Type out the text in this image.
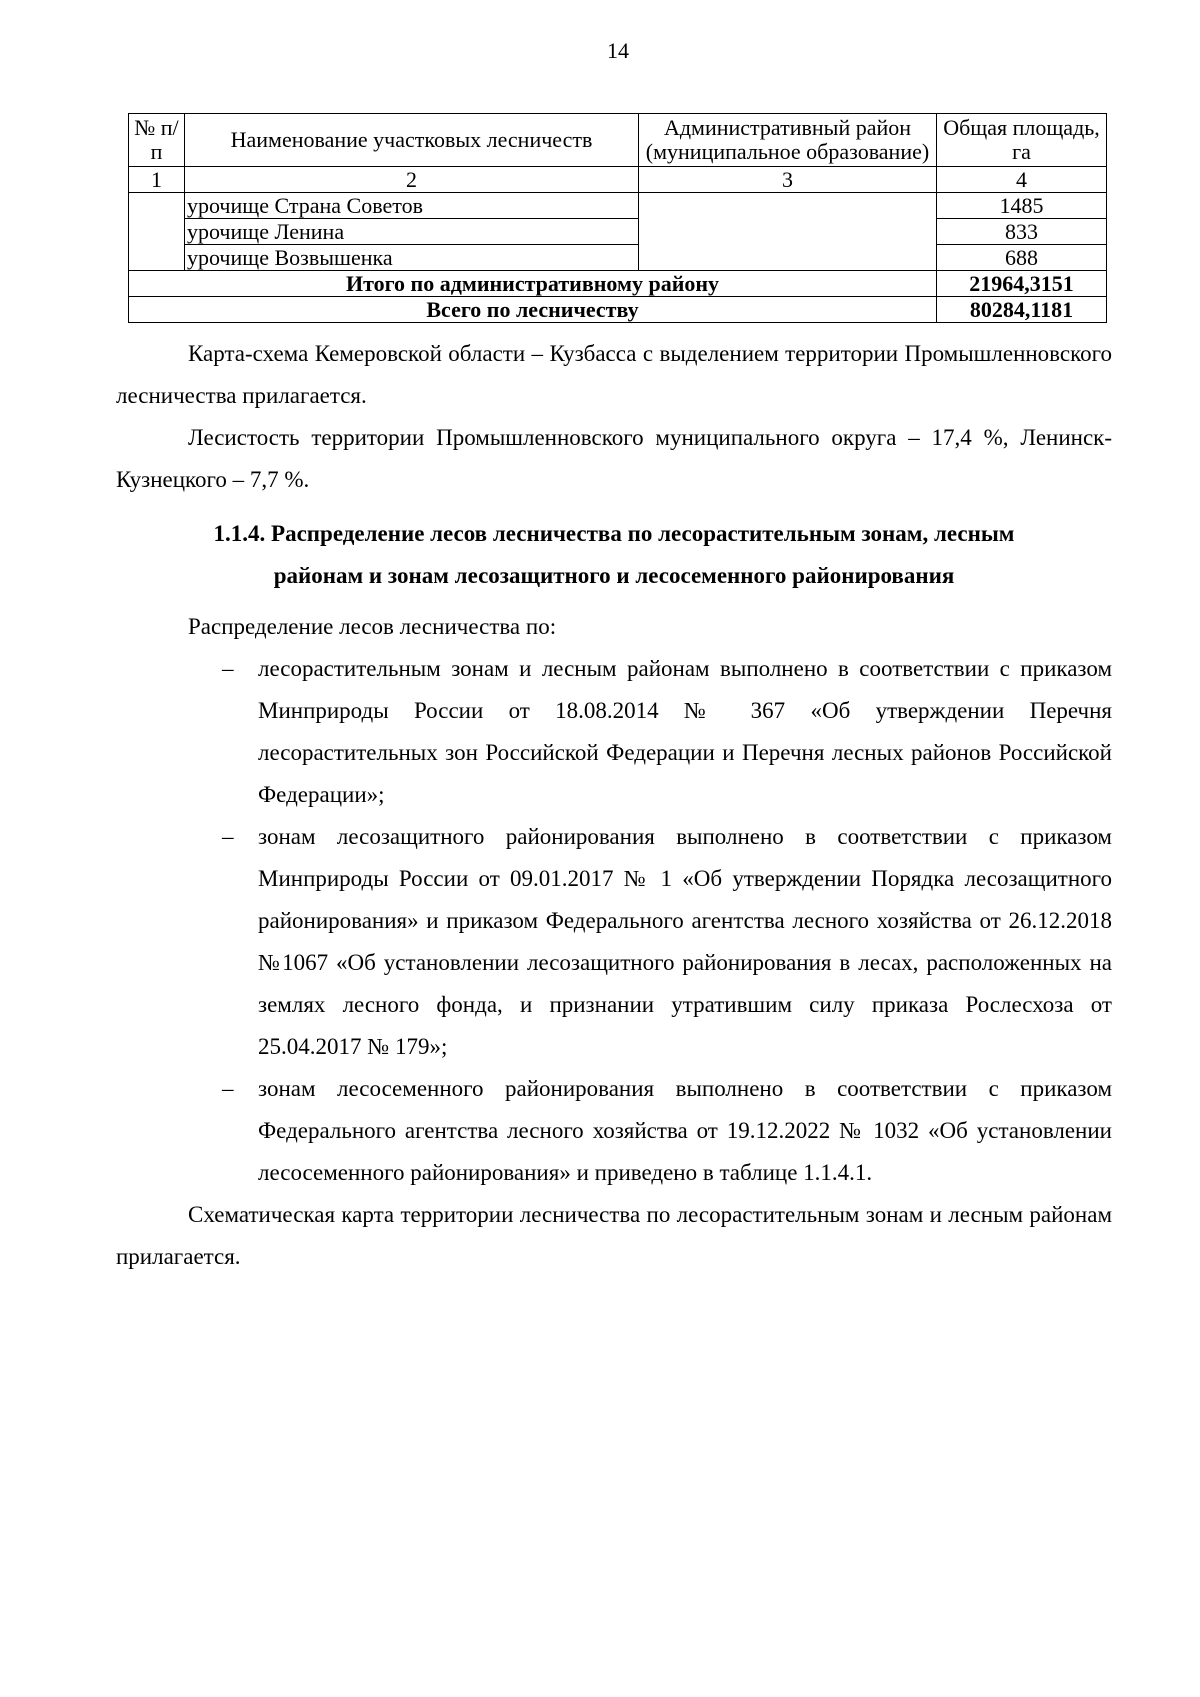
14
№ п/п	Наименование участковых лесничеств	Административный район (муниципальное образование)	Общая площадь, га
1	2	3	4
	урочище Страна Советов		1485
	урочище Ленина		833
	урочище Возвышенка		688
Итого по административному району			21964,3151
Всего по лесничеству			80284,1181

Карта-схема Кемеровской области – Кузбасса с выделением территории Промышленновского лесничества прилагается.

Лесистость территории Промышленновского муниципального округа – 17,4 %, Ленинск-Кузнецкого – 7,7 %.

1.1.4. Распределение лесов лесничества по лесорастительным зонам, лесным районам и зонам лесозащитного и лесосеменного районирования

Распределение лесов лесничества по:

– лесорастительным зонам и лесным районам выполнено в соответствии с приказом Минприроды России от 18.08.2014 № 367 «Об утверждении Перечня лесорастительных зон Российской Федерации и Перечня лесных районов Российской Федерации»;
– зонам лесозащитного районирования выполнено в соответствии с приказом Минприроды России от 09.01.2017 № 1 «Об утверждении Порядка лесозащитного районирования» и приказом Федерального агентства лесного хозяйства от 26.12.2018 №1067 «Об установлении лесозащитного районирования в лесах, расположенных на землях лесного фонда, и признании утратившим силу приказа Рослесхоза от 25.04.2017 № 179»;
– зонам лесосеменного районирования выполнено в соответствии с приказом Федерального агентства лесного хозяйства от 19.12.2022 № 1032 «Об установлении лесосеменного районирования» и приведено в таблице 1.1.4.1.

Схематическая карта территории лесничества по лесорастительным зонам и лесным районам прилагается.
